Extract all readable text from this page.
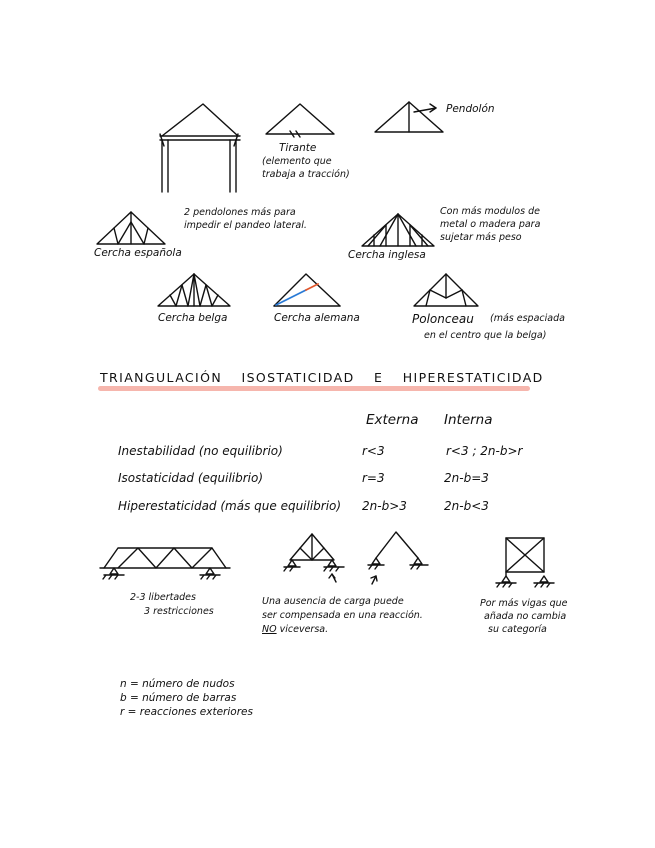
Pendolón
Tirante
(elemento que
trabaja a tracción)
2 pendolones más para
impedir el pandeo lateral.
Cercha española
Con más modulos de
metal o madera para
sujetar más peso
Cercha inglesa
Cercha belga	Cercha alemana	Polonceau (más espaciada
en el centro que la belga)
TRIANGULACIÓN ISOSTATICIDAD E HIPERESTATICIDAD
Externa Interna
Inestabilidad (no equilibrio)	r<3	r<3 ; 2n-b>r
Isostaticidad (equilibrio)	r=3	2n-b=3
Hiperestaticidad (más que equilibrio) 2n-b>3	2n-b<3
2-3 libertades
3 restricciones
Una ausencia de carga puede
ser compensada en una reacción.
NO viceversa.
Por más vigas que
añada no cambia
su categoría
n = número de nudos
b = número de barras
r = reacciones exteriores
